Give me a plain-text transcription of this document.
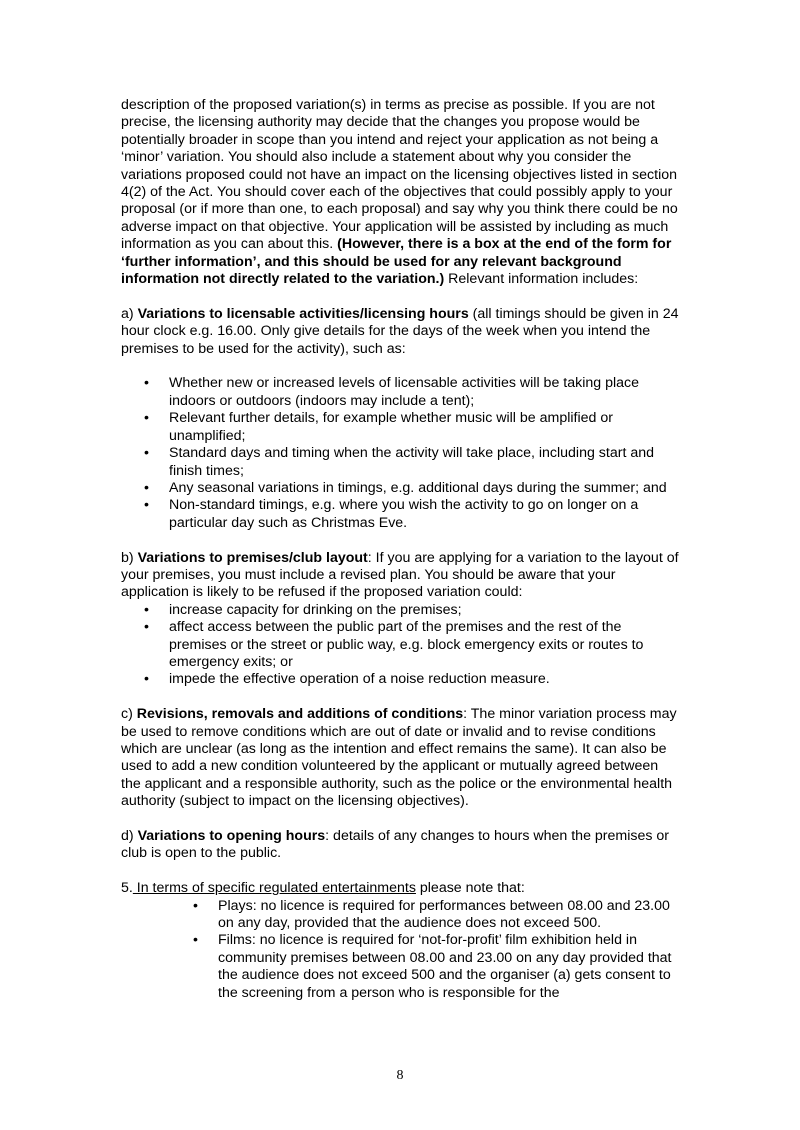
description of the proposed variation(s) in terms as precise as possible. If you are not precise, the licensing authority may decide that the changes you propose would be potentially broader in scope than you intend and reject your application as not being a ‘minor’ variation. You should also include a statement about why you consider the variations proposed could not have an impact on the licensing objectives listed in section 4(2) of the Act. You should cover each of the objectives that could possibly apply to your proposal (or if more than one, to each proposal) and say why you think there could be no adverse impact on that objective. Your application will be assisted by including as much information as you can about this. (However, there is a box at the end of the form for ‘further information’, and this should be used for any relevant background information not directly related to the variation.) Relevant information includes:

a) Variations to licensable activities/licensing hours (all timings should be given in 24 hour clock e.g. 16.00. Only give details for the days of the week when you intend the premises to be used for the activity), such as:

• Whether new or increased levels of licensable activities will be taking place indoors or outdoors (indoors may include a tent);
• Relevant further details, for example whether music will be amplified or unamplified;
• Standard days and timing when the activity will take place, including start and finish times;
• Any seasonal variations in timings, e.g. additional days during the summer; and
• Non-standard timings, e.g. where you wish the activity to go on longer on a particular day such as Christmas Eve.

b) Variations to premises/club layout: If you are applying for a variation to the layout of your premises, you must include a revised plan. You should be aware that your application is likely to be refused if the proposed variation could:

• increase capacity for drinking on the premises;
• affect access between the public part of the premises and the rest of the premises or the street or public way, e.g. block emergency exits or routes to emergency exits; or
• impede the effective operation of a noise reduction measure.

c) Revisions, removals and additions of conditions: The minor variation process may be used to remove conditions which are out of date or invalid and to revise conditions which are unclear (as long as the intention and effect remains the same). It can also be used to add a new condition volunteered by the applicant or mutually agreed between the applicant and a responsible authority, such as the police or the environmental health authority (subject to impact on the licensing objectives).

d) Variations to opening hours: details of any changes to hours when the premises or club is open to the public.

5. In terms of specific regulated entertainments please note that:

• Plays: no licence is required for performances between 08.00 and 23.00 on any day, provided that the audience does not exceed 500.
• Films: no licence is required for ‘not-for-profit’ film exhibition held in community premises between 08.00 and 23.00 on any day provided that the audience does not exceed 500 and the organiser (a) gets consent to the screening from a person who is responsible for the
8
